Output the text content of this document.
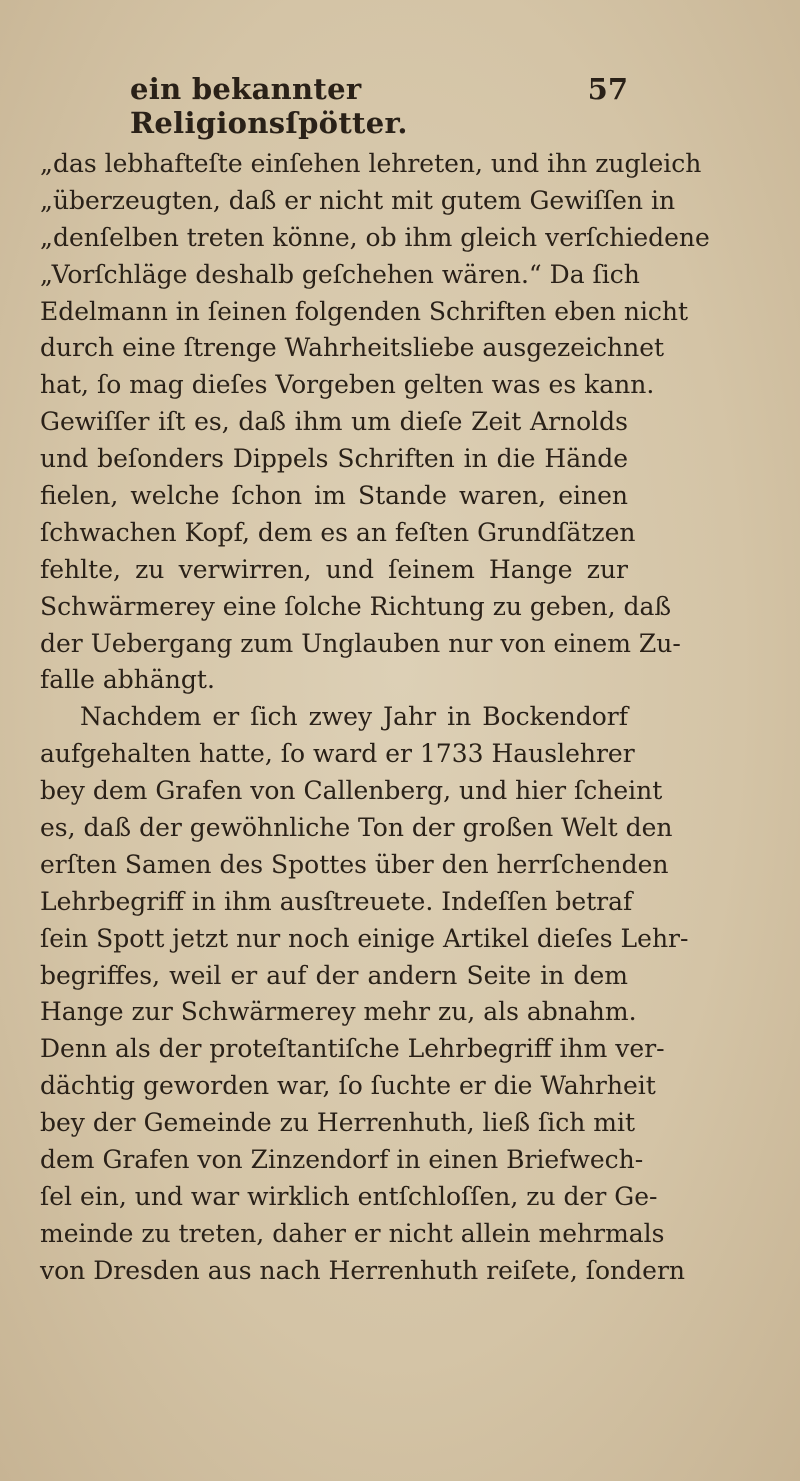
ein bekannter Religionsſpötter.
57
„das lebhafteſte einſehen lehreten, und ihn zugleich
„überzeugten, daß er nicht mit gutem Gewiſſen in
„denſelben treten könne, ob ihm gleich verſchiedene
„Vorſchläge deshalb geſchehen wären.“ Da ſich
Edelmann in ſeinen folgenden Schriften eben nicht
durch eine ſtrenge Wahrheitsliebe ausgezeichnet
hat, ſo mag dieſes Vorgeben gelten was es kann.
Gewiſſer iſt es, daß ihm um dieſe Zeit Arnolds
und beſonders Dippels Schriften in die Hände
fielen, welche ſchon im Stande waren, einen
ſchwachen Kopf, dem es an feſten Grundſätzen
fehlte, zu verwirren, und ſeinem Hange zur
Schwärmerey eine ſolche Richtung zu geben, daß
der Uebergang zum Unglauben nur von einem Zu-
falle abhängt.
Nachdem er ſich zwey Jahr in Bockendorf
aufgehalten hatte, ſo ward er 1733 Hauslehrer
bey dem Grafen von Callenberg, und hier ſcheint
es, daß der gewöhnliche Ton der großen Welt den
erſten Samen des Spottes über den herrſchenden
Lehrbegriff in ihm ausſtreuete. Indeſſen betraf
ſein Spott jetzt nur noch einige Artikel dieſes Lehr-
begriffes, weil er auf der andern Seite in dem
Hange zur Schwärmerey mehr zu, als abnahm.
Denn als der proteſtantiſche Lehrbegriff ihm ver-
dächtig geworden war, ſo ſuchte er die Wahrheit
bey der Gemeinde zu Herrenhuth, ließ ſich mit
dem Grafen von Zinzendorf in einen Briefwech-
ſel ein, und war wirklich entſchloſſen, zu der Ge-
meinde zu treten, daher er nicht allein mehrmals
von Dresden aus nach Herrenhuth reiſete, ſondern
